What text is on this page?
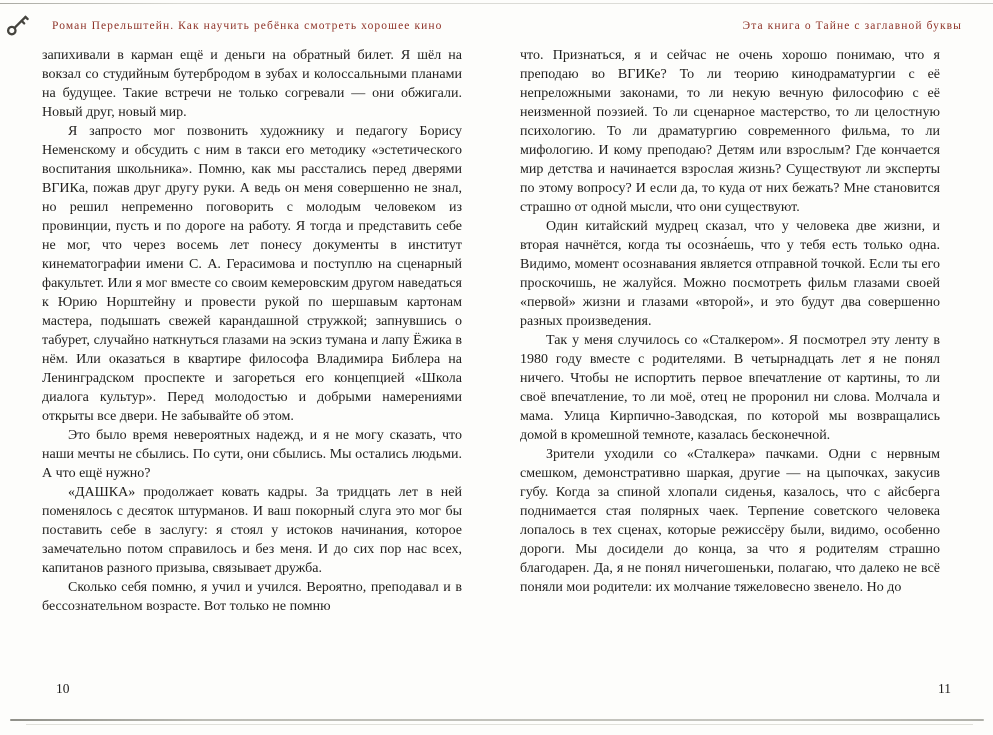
Роман Перельштейн. Как научить ребёнка смотреть хорошее кино	Эта книга о Тайне с заглавной буквы

запихивали в карман ещё и деньги на обратный билет. Я шёл на вокзал со студийным бутербродом в зубах и колоссальными планами на будущее. Такие встречи не только согревали — они обжигали. Новый друг, новый мир.

Я запросто мог позвонить художнику и педагогу Борису Неменскому и обсудить с ним в такси его методику «эстетического воспитания школьника». Помню, как мы расстались перед дверями ВГИКа, пожав друг другу руки. А ведь он меня совершенно не знал, но решил непременно поговорить с молодым человеком из провинции, пусть и по дороге на работу. Я тогда и представить себе не мог, что через восемь лет понесу документы в институт кинематографии имени С. А. Герасимова и поступлю на сценарный факультет. Или я мог вместе со своим кемеровским другом наведаться к Юрию Норштейну и провести рукой по шершавым картонам мастера, подышать свежей карандашной стружкой; запнувшись о табурет, случайно наткнуться глазами на эскиз тумана и лапу Ёжика в нём. Или оказаться в квартире философа Владимира Библера на Ленинградском проспекте и загореться его концепцией «Школа диалога культур». Перед молодостью и добрыми намерениями открыты все двери. Не забывайте об этом.

Это было время невероятных надежд, и я не могу сказать, что наши мечты не сбылись. По сути, они сбылись. Мы остались людьми. А что ещё нужно?

«ДАШКА» продолжает ковать кадры. За тридцать лет в ней поменялось с десяток штурманов. И ваш покорный слуга это мог бы поставить себе в заслугу: я стоял у истоков начинания, которое замечательно потом справилось и без меня. И до сих пор нас всех, капитанов разного призыва, связывает дружба.

Сколько себя помню, я учил и учился. Вероятно, преподавал и в бессознательном возрасте. Вот только не помню

что. Признаться, я и сейчас не очень хорошо понимаю, что я преподаю во ВГИКе? То ли теорию кинодраматургии с её непреложными законами, то ли некую вечную философию с её неизменной поэзией. То ли сценарное мастерство, то ли целостную психологию. То ли драматургию современного фильма, то ли мифологию. И кому преподаю? Детям или взрослым? Где кончается мир детства и начинается взрослая жизнь? Существуют ли эксперты по этому вопросу? И если да, то куда от них бежать? Мне становится страшно от одной мысли, что они существуют.

Один китайский мудрец сказал, что у человека две жизни, и вторая начнётся, когда ты осозна́ешь, что у тебя есть только одна. Видимо, момент осознавания является отправной точкой. Если ты его проскочишь, не жалуйся. Можно посмотреть фильм глазами своей «первой» жизни и глазами «второй», и это будут два совершенно разных произведения.

Так у меня случилось со «Сталкером». Я посмотрел эту ленту в 1980 году вместе с родителями. В четырнадцать лет я не понял ничего. Чтобы не испортить первое впечатление от картины, то ли своё впечатление, то ли моё, отец не проронил ни слова. Молчала и мама. Улица Кирпично-Заводская, по которой мы возвращались домой в кромешной темноте, казалась бесконечной.

Зрители уходили со «Сталкера» пачками. Одни с нервным смешком, демонстративно шаркая, другие — на цыпочках, закусив губу. Когда за спиной хлопали сиденья, казалось, что с айсберга поднимается стая полярных чаек. Терпение советского человека лопалось в тех сценах, которые режиссёру были, видимо, особенно дороги. Мы досидели до конца, за что я родителям страшно благодарен. Да, я не понял ничегошеньки, полагаю, что далеко не всё поняли мои родители: их молчание тяжеловесно звенело. Но до

10	11
